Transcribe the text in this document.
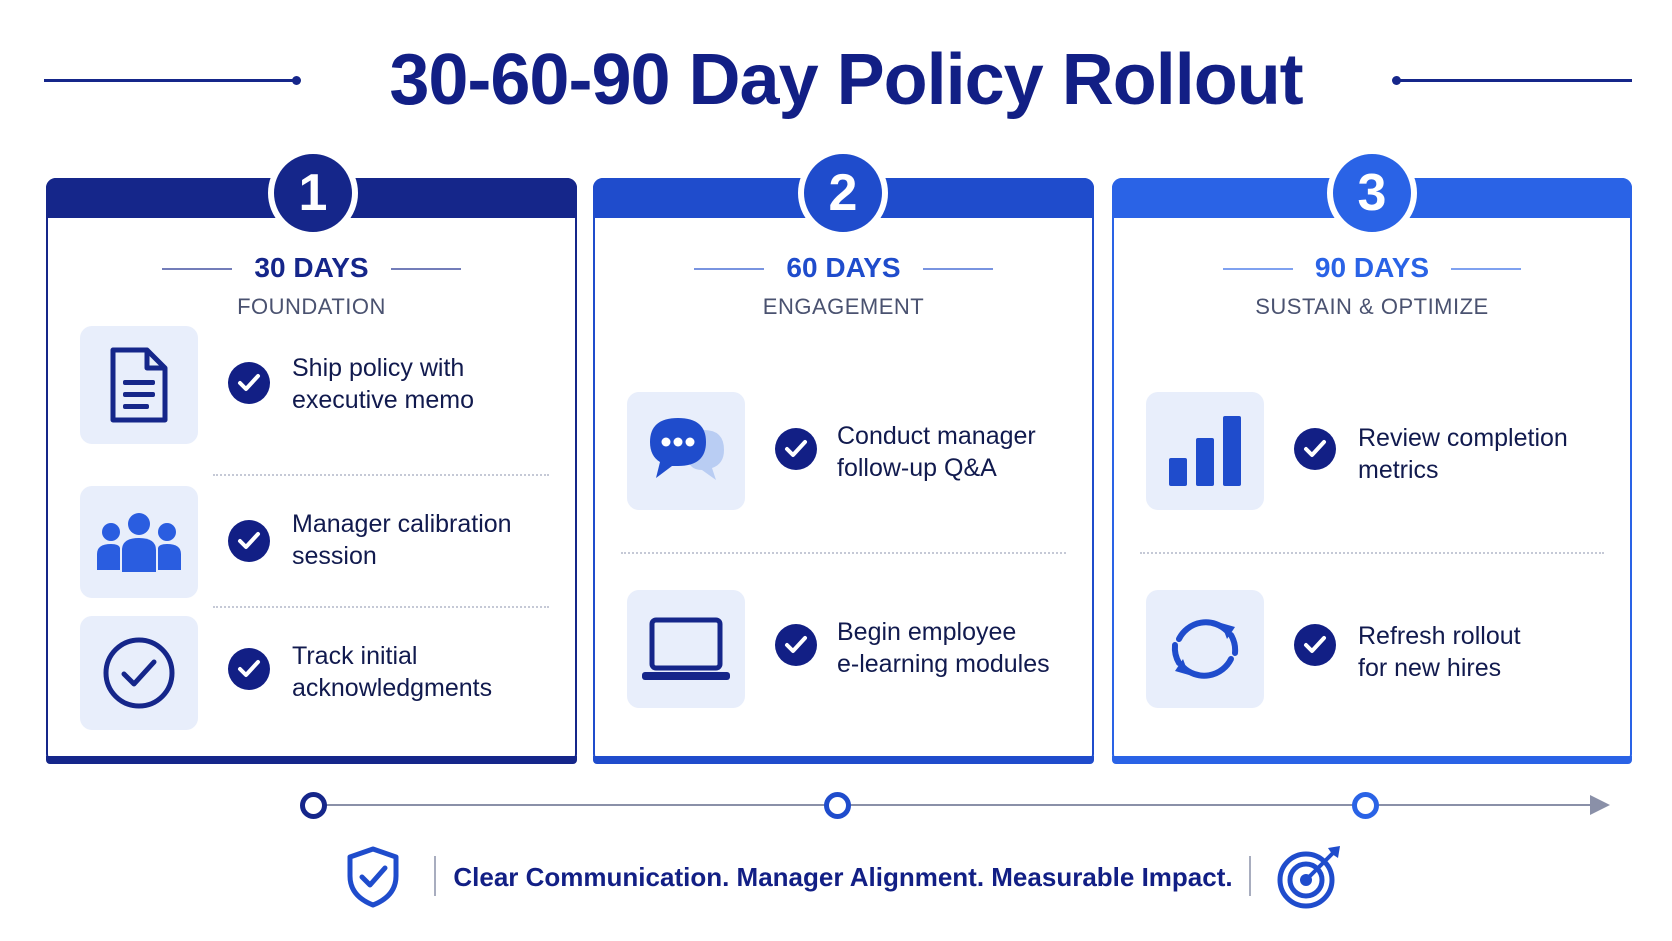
30-60-90 Day Policy Rollout
1
30 DAYS
FOUNDATION
Ship policy with
executive memo
Manager calibration
session
Track initial
acknowledgments
2
60 DAYS
ENGAGEMENT
Conduct manager
follow-up Q&A
Begin employee
e-learning modules
3
90 DAYS
SUSTAIN & OPTIMIZE
Review completion
metrics
Refresh rollout
for new hires
Clear Communication. Manager Alignment. Measurable Impact.
